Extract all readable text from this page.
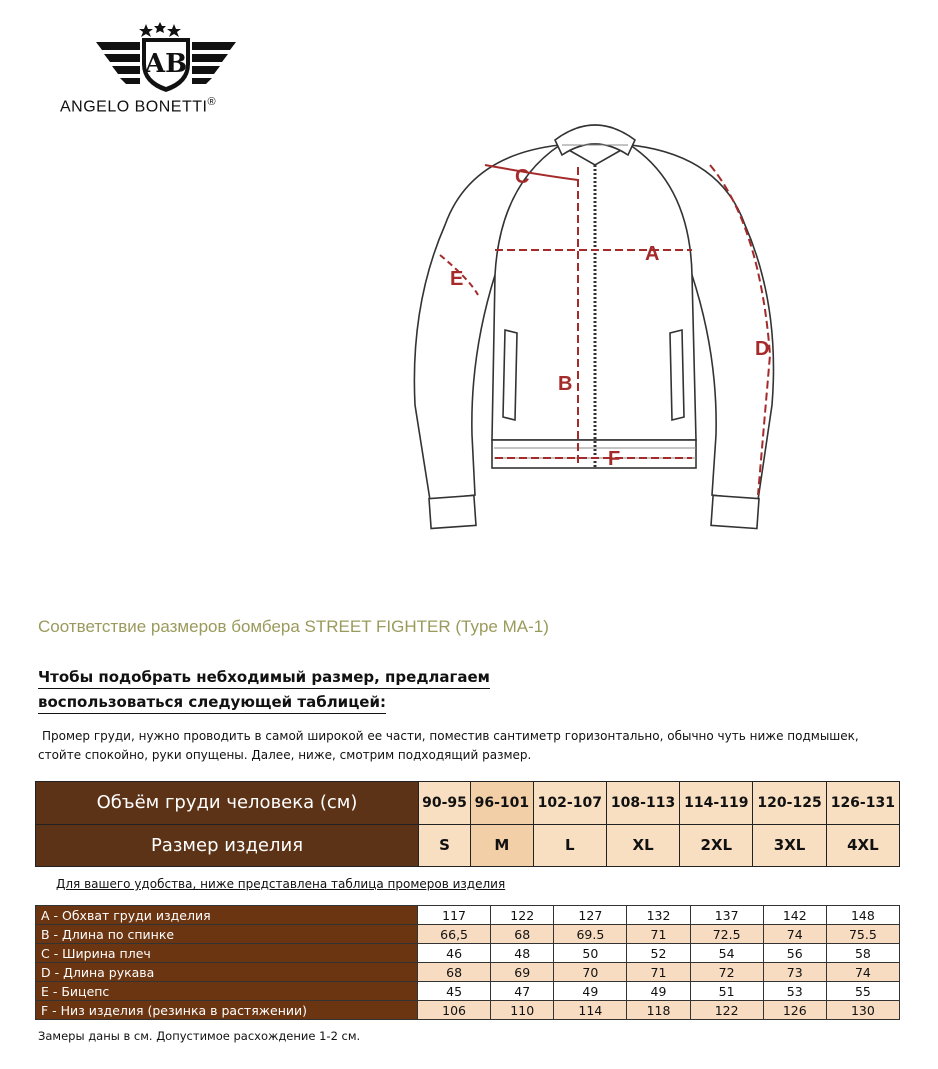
AB
ANGELO BONETTI®
C
A
B
D
E
F
Соответствие размеров бомбера STREET FIGHTER (Type MA-1)
Чтобы подобрать небходимый размер, предлагаем
воспользоваться следующей таблицей:
Промер груди, нужно проводить в самой широкой ее части, поместив сантиметр горизонтально, обычно чуть ниже подмышек,
стойте спокойно, руки опущены. Далее, ниже, смотрим подходящий размер.
Объём груди человека (см)	90-95	96-101	102-107	108-113	114-119	120-125	126-131
Размер изделия	S	M	L	XL	2XL	3XL	4XL
Для вашего удобства, ниже представлена таблица промеров изделия
A - Обхват груди изделия	117	122	127	132	137	142	148
B - Длина по спинке	66,5	68	69.5	71	72.5	74	75.5
C - Ширина плеч	46	48	50	52	54	56	58
D - Длина рукава	68	69	70	71	72	73	74
E - Бицепс	45	47	49	49	51	53	55
F - Низ изделия (резинка в растяжении)	106	110	114	118	122	126	130
Замеры даны в см. Допустимое расхождение 1-2 см.
